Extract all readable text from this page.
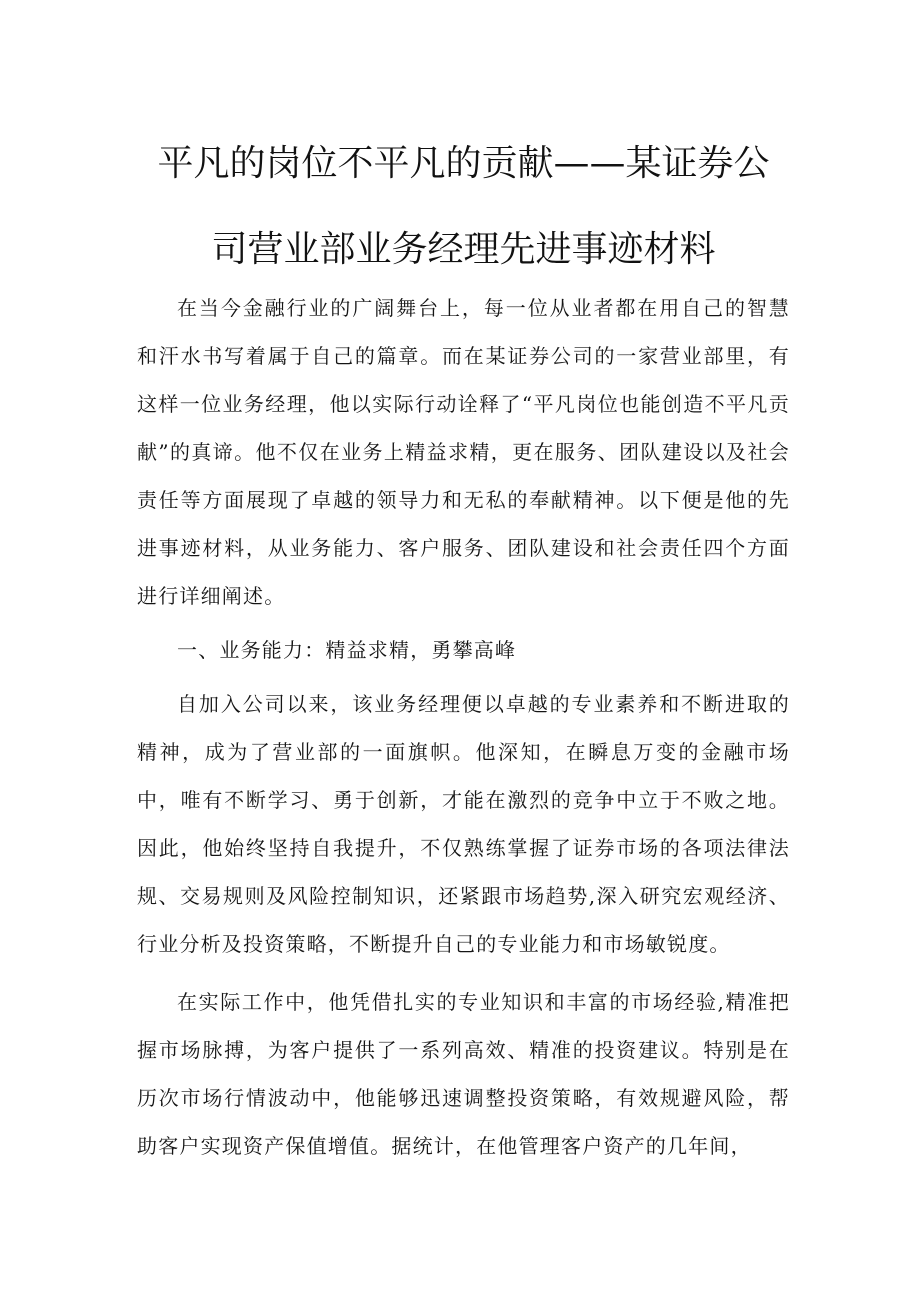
平凡的岗位不平凡的贡献——某证券公
司营业部业务经理先进事迹材料

在当今金融行业的广阔舞台上，每一位从业者都在用自己的智慧和汗水书写着属于自己的篇章。而在某证券公司的一家营业部里，有这样一位业务经理，他以实际行动诠释了“平凡岗位也能创造不平凡贡献”的真谛。他不仅在业务上精益求精，更在服务、团队建设以及社会责任等方面展现了卓越的领导力和无私的奉献精神。以下便是他的先进事迹材料，从业务能力、客户服务、团队建设和社会责任四个方面进行详细阐述。

一、业务能力：精益求精，勇攀高峰

自加入公司以来，该业务经理便以卓越的专业素养和不断进取的精神，成为了营业部的一面旗帜。他深知，在瞬息万变的金融市场中，唯有不断学习、勇于创新，才能在激烈的竞争中立于不败之地。因此，他始终坚持自我提升，不仅熟练掌握了证券市场的各项法律法规、交易规则及风险控制知识，还紧跟市场趋势,深入研究宏观经济、行业分析及投资策略，不断提升自己的专业能力和市场敏锐度。

在实际工作中，他凭借扎实的专业知识和丰富的市场经验,精准把握市场脉搏，为客户提供了一系列高效、精准的投资建议。特别是在历次市场行情波动中，他能够迅速调整投资策略，有效规避风险，帮助客户实现资产保值增值。据统计，在他管理客户资产的几年间，
